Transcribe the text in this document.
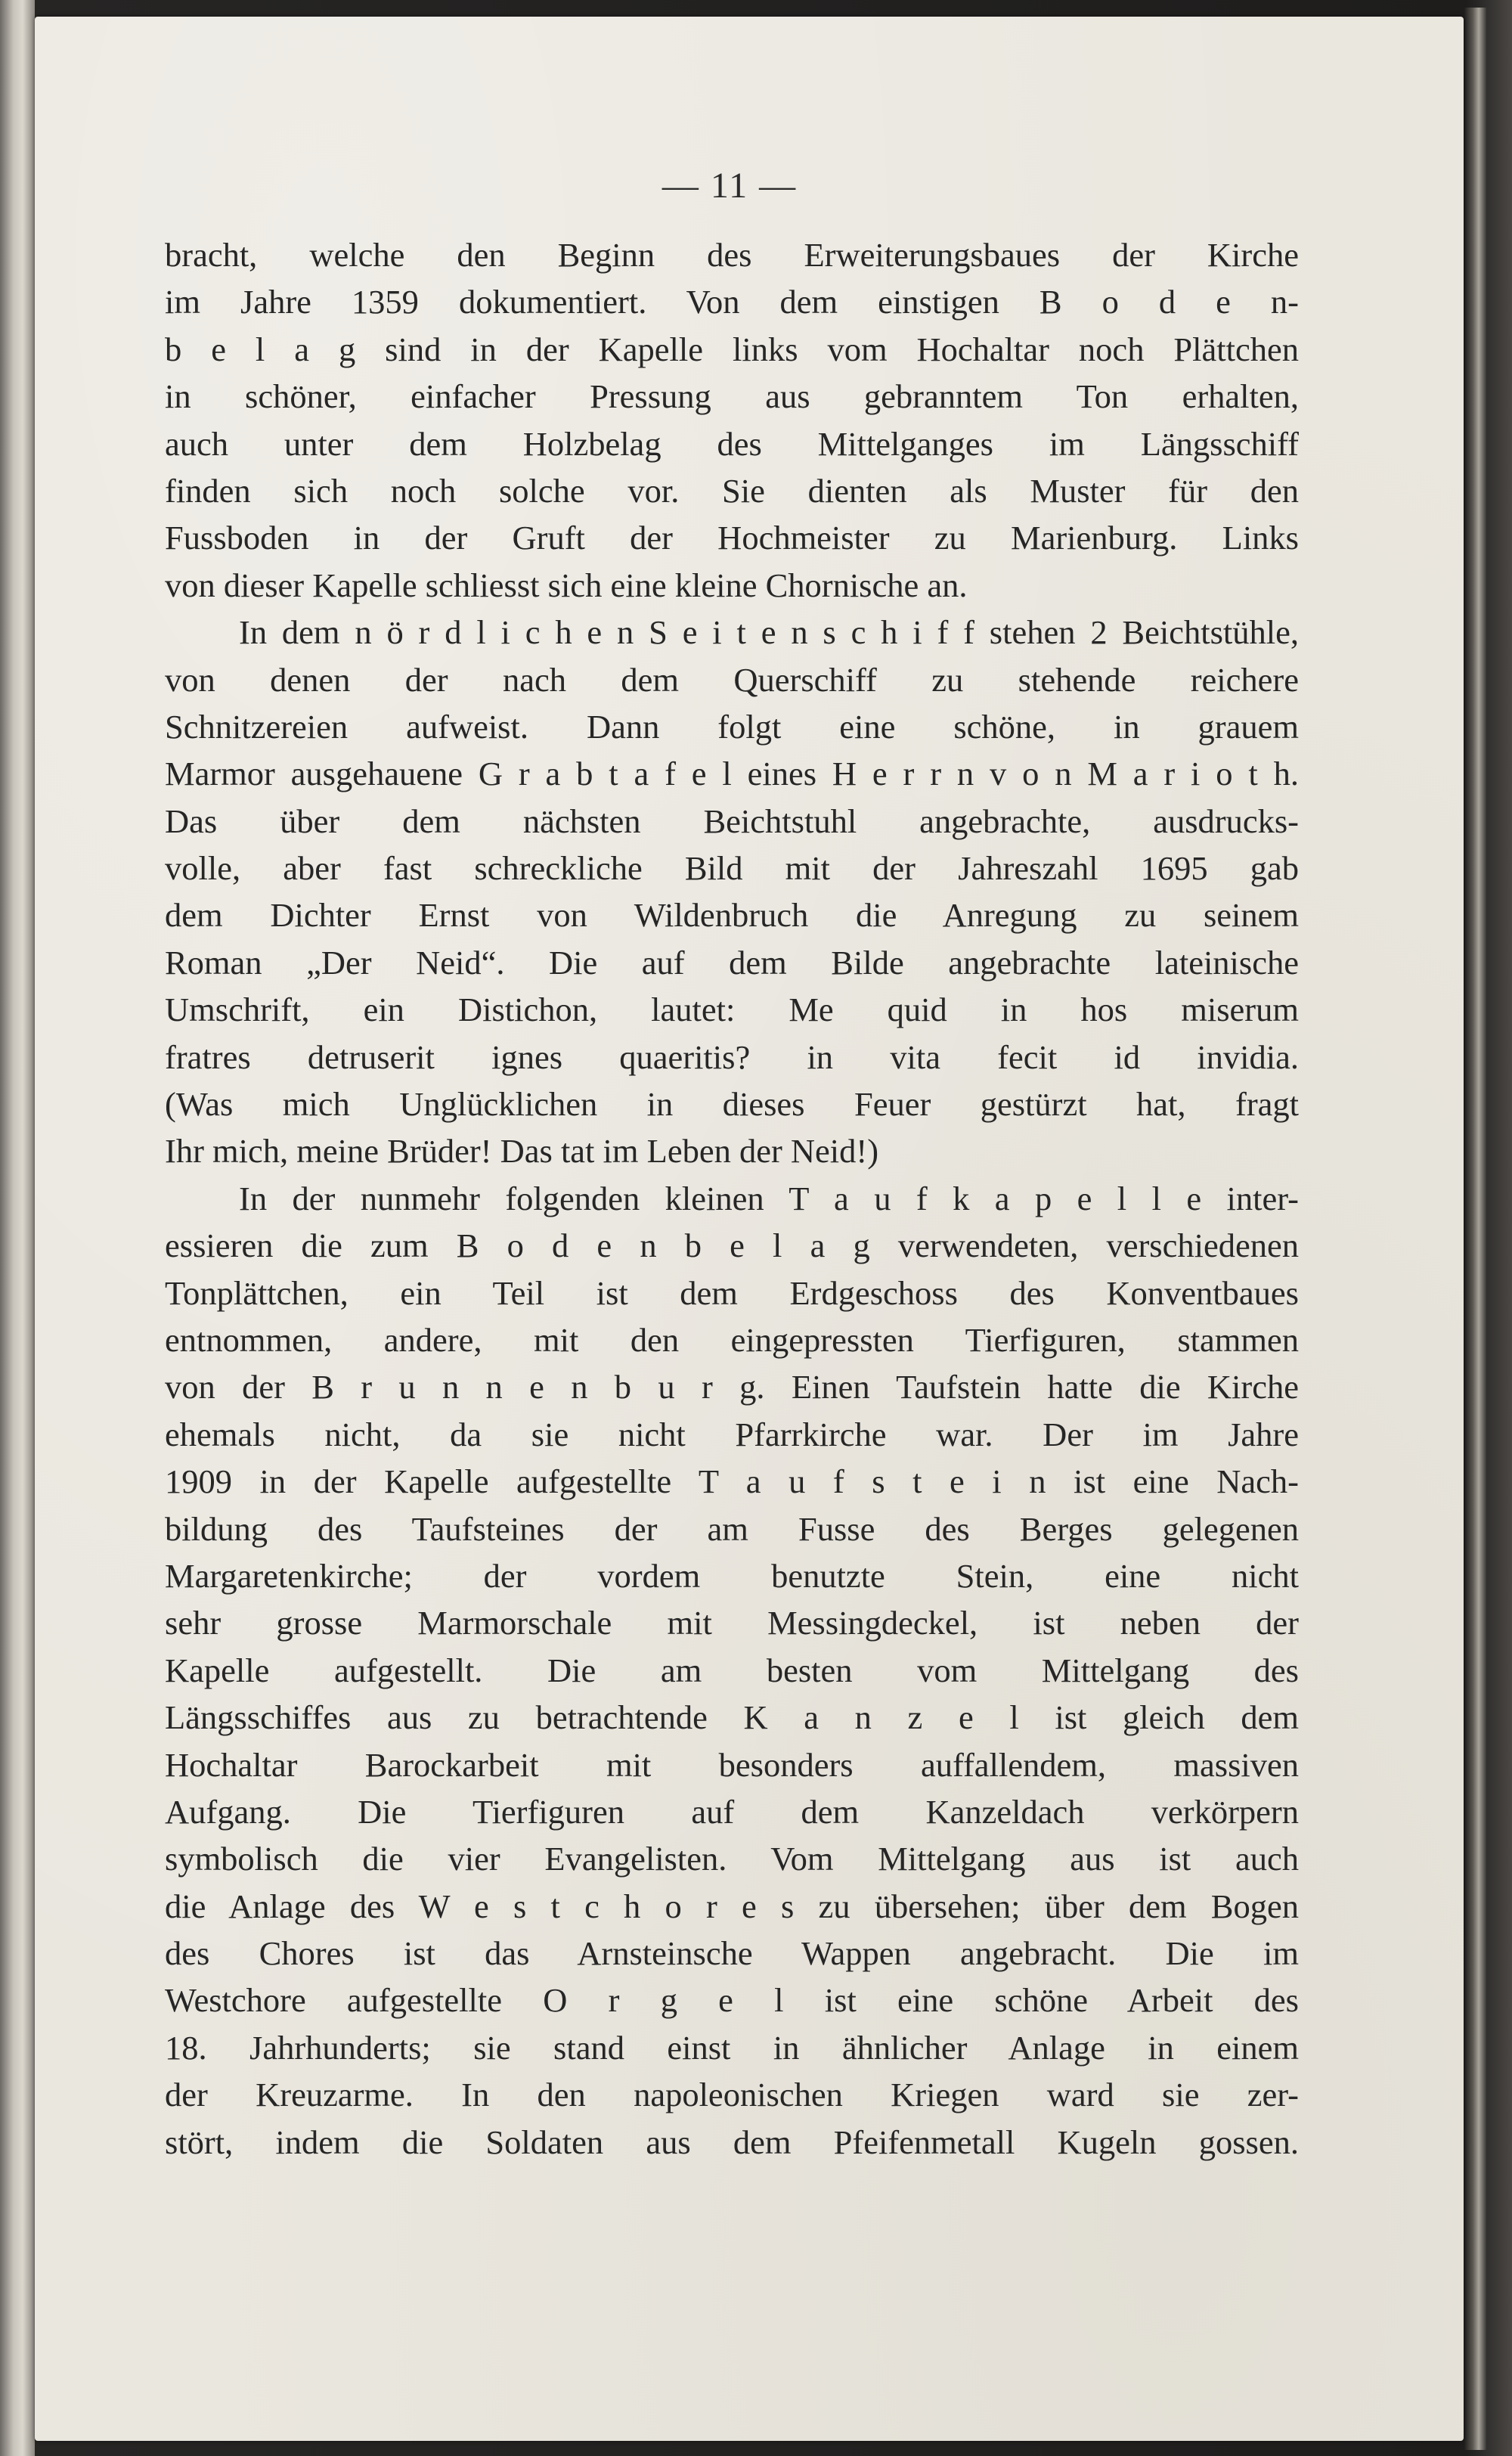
— 11 —
bracht, welche den Beginn des Erweiterungsbaues der Kirche
im Jahre 1359 dokumentiert. Von dem einstigen B o d e n-
b e l a g sind in der Kapelle links vom Hochaltar noch Plättchen
in schöner, einfacher Pressung aus gebranntem Ton erhalten,
auch unter dem Holzbelag des Mittelganges im Längsschiff
finden sich noch solche vor. Sie dienten als Muster für den
Fussboden in der Gruft der Hochmeister zu Marienburg. Links
von dieser Kapelle schliesst sich eine kleine Chornische an.
In dem n ö r d l i c h e n S e i t e n s c h i f f stehen 2 Beichtstühle,
von denen der nach dem Querschiff zu stehende reichere
Schnitzereien aufweist. Dann folgt eine schöne, in grauem
Marmor ausgehauene G r a b t a f e l eines H e r r n v o n M a r i o t h.
Das über dem nächsten Beichtstuhl angebrachte, ausdrucks-
volle, aber fast schreckliche Bild mit der Jahreszahl 1695 gab
dem Dichter Ernst von Wildenbruch die Anregung zu seinem
Roman „Der Neid“. Die auf dem Bilde angebrachte lateinische
Umschrift, ein Distichon, lautet: Me quid in hos miserum
fratres detruserit ignes quaeritis? in vita fecit id invidia.
(Was mich Unglücklichen in dieses Feuer gestürzt hat, fragt
Ihr mich, meine Brüder! Das tat im Leben der Neid!)
In der nunmehr folgenden kleinen T a u f k a p e l l e inter-
essieren die zum B o d e n b e l a g verwendeten, verschiedenen
Tonplättchen, ein Teil ist dem Erdgeschoss des Konventbaues
entnommen, andere, mit den eingepressten Tierfiguren, stammen
von der B r u n n e n b u r g. Einen Taufstein hatte die Kirche
ehemals nicht, da sie nicht Pfarrkirche war. Der im Jahre
1909 in der Kapelle aufgestellte T a u f s t e i n ist eine Nach-
bildung des Taufsteines der am Fusse des Berges gelegenen
Margaretenkirche; der vordem benutzte Stein, eine nicht
sehr grosse Marmorschale mit Messingdeckel, ist neben der
Kapelle aufgestellt. Die am besten vom Mittelgang des
Längsschiffes aus zu betrachtende K a n z e l ist gleich dem
Hochaltar Barockarbeit mit besonders auffallendem, massiven
Aufgang. Die Tierfiguren auf dem Kanzeldach verkörpern
symbolisch die vier Evangelisten. Vom Mittelgang aus ist auch
die Anlage des W e s t c h o r e s zu übersehen; über dem Bogen
des Chores ist das Arnsteinsche Wappen angebracht. Die im
Westchore aufgestellte O r g e l ist eine schöne Arbeit des
18. Jahrhunderts; sie stand einst in ähnlicher Anlage in einem
der Kreuzarme. In den napoleonischen Kriegen ward sie zer-
stört, indem die Soldaten aus dem Pfeifenmetall Kugeln gossen.
